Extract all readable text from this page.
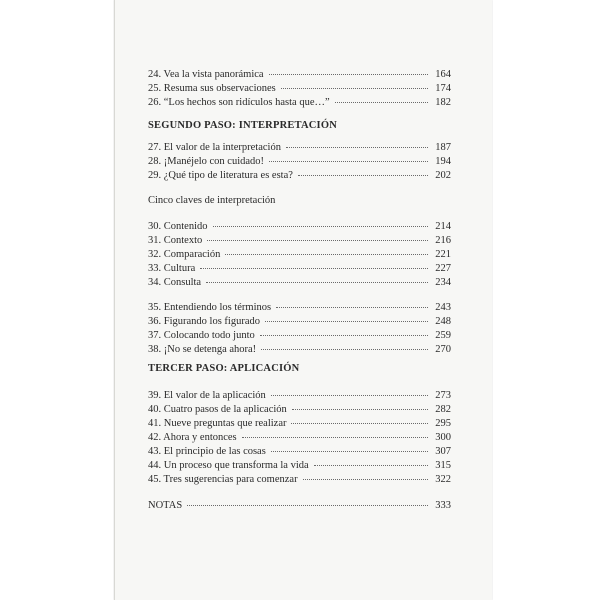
24. Vea la vista panorámica	164
25. Resuma sus observaciones	174
26. “Los hechos son ridículos hasta que…”	182
SEGUNDO PASO: INTERPRETACIÓN
27. El valor de la interpretación	187
28. ¡Manéjelo con cuidado!	194
29. ¿Qué tipo de literatura es esta?	202
Cinco claves de interpretación
30. Contenido	214
31. Contexto	216
32. Comparación	221
33. Cultura	227
34. Consulta	234
35. Entendiendo los términos	243
36. Figurando los figurado	248
37. Colocando todo junto	259
38. ¡No se detenga ahora!	270
TERCER PASO: APLICACIÓN
39. El valor de la aplicación	273
40. Cuatro pasos de la aplicación	282
41. Nueve preguntas que realizar	295
42. Ahora y entonces	300
43. El principio de las cosas	307
44. Un proceso que transforma la vida	315
45. Tres sugerencias para comenzar	322
NOTAS	333
